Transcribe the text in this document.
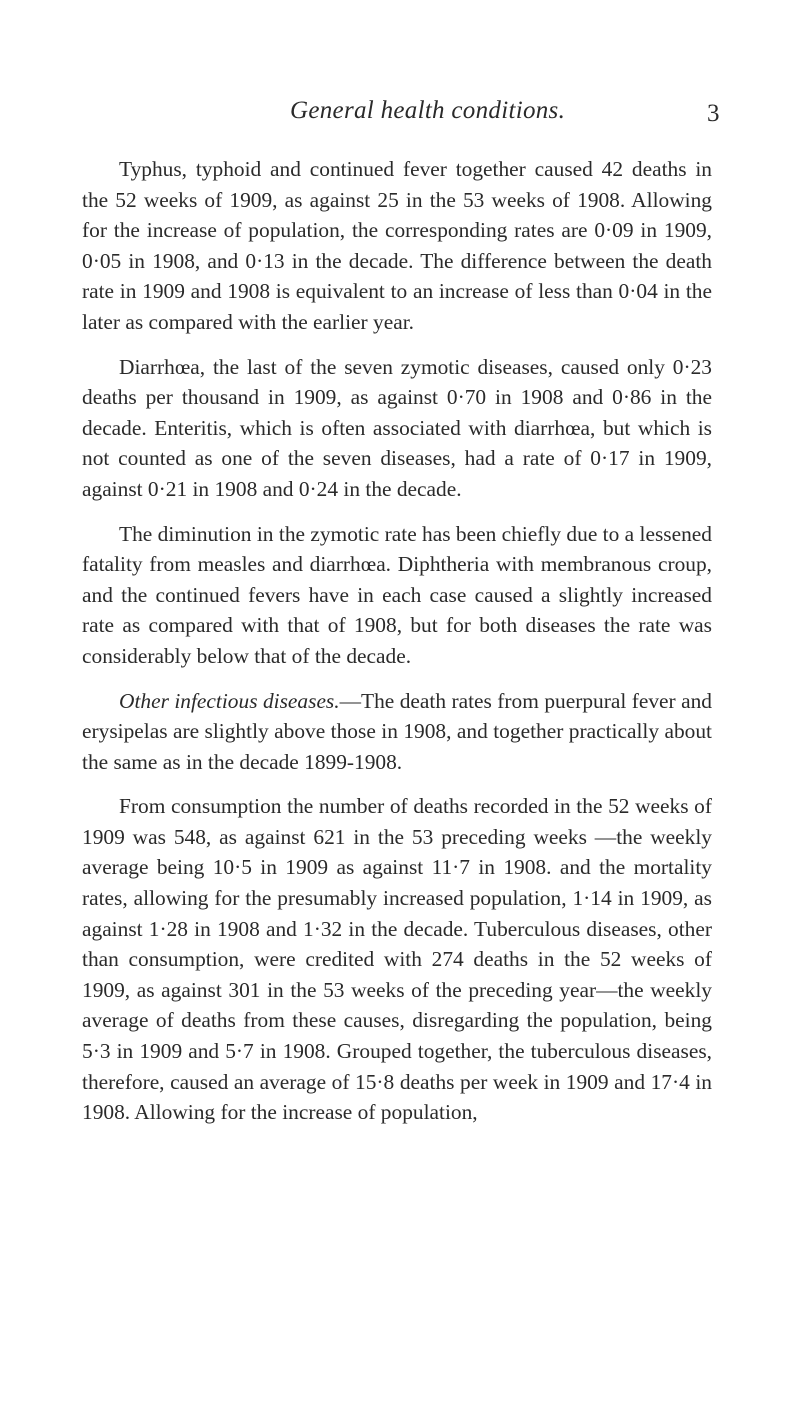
General health conditions.	3

Typhus, typhoid and continued fever together caused 42 deaths in the 52 weeks of 1909, as against 25 in the 53 weeks of 1908. Allowing for the increase of population, the corresponding rates are 0·09 in 1909, 0·05 in 1908, and 0·13 in the decade. The difference between the death rate in 1909 and 1908 is equivalent to an increase of less than 0·04 in the later as compared with the earlier year.

Diarrhœa, the last of the seven zymotic diseases, caused only 0·23 deaths per thousand in 1909, as against 0·70 in 1908 and 0·86 in the decade. Enteritis, which is often associated with diarrhœa, but which is not counted as one of the seven diseases, had a rate of 0·17 in 1909, against 0·21 in 1908 and 0·24 in the decade.

The diminution in the zymotic rate has been chiefly due to a lessened fatality from measles and diarrhœa. Diphtheria with membranous croup, and the continued fevers have in each case caused a slightly increased rate as compared with that of 1908, but for both diseases the rate was considerably below that of the decade.

Other infectious diseases.—The death rates from puerpural fever and erysipelas are slightly above those in 1908, and together practically about the same as in the decade 1899-1908.

From consumption the number of deaths recorded in the 52 weeks of 1909 was 548, as against 621 in the 53 preceding weeks —the weekly average being 10·5 in 1909 as against 11·7 in 1908. and the mortality rates, allowing for the presumably increased population, 1·14 in 1909, as against 1·28 in 1908 and 1·32 in the decade. Tuberculous diseases, other than consumption, were credited with 274 deaths in the 52 weeks of 1909, as against 301 in the 53 weeks of the preceding year—the weekly average of deaths from these causes, disregarding the population, being 5·3 in 1909 and 5·7 in 1908. Grouped together, the tuberculous diseases, therefore, caused an average of 15·8 deaths per week in 1909 and 17·4 in 1908. Allowing for the increase of population,
